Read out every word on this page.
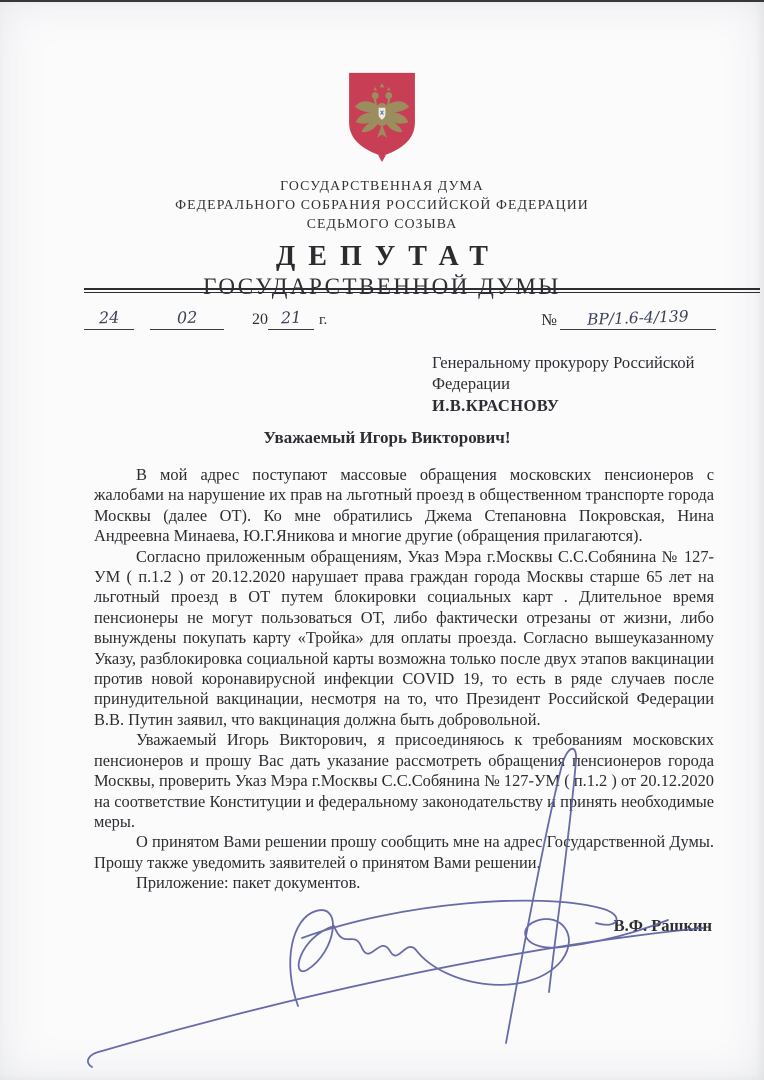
ГОСУДАРСТВЕННАЯ ДУМА
ФЕДЕРАЛЬНОГО СОБРАНИЯ РОССИЙСКОЙ ФЕДЕРАЦИИ
СЕДЬМОГО СОЗЫВА
ДЕПУТАТ
ГОСУДАРСТВЕННОЙ ДУМЫ
24	02	20 21	г.	№	ВР/1.6-4/139
Генеральному прокурору Российской
Федерации
И.В.КРАСНОВУ
Уважаемый Игорь Викторович!

В мой адрес поступают массовые обращения московских пенсионеров с жалобами на нарушение их прав на льготный проезд в общественном транспорте города Москвы (далее ОТ). Ко мне обратились Джема Степановна Покровская, Нина Андреевна Минаева, Ю.Г.Яникова и многие другие (обращения прилагаются).

Согласно приложенным обращениям, Указ Мэра г.Москвы С.С.Собянина № 127-УМ ( п.1.2 ) от 20.12.2020 нарушает права граждан города Москвы старше 65 лет на льготный проезд в ОТ путем блокировки социальных карт . Длительное время пенсионеры не могут пользоваться ОТ, либо фактически отрезаны от жизни, либо вынуждены покупать карту «Тройка» для оплаты проезда. Согласно вышеуказанному Указу, разблокировка социальной карты возможна только после двух этапов вакцинации против новой коронавирусной инфекции COVID 19, то есть в ряде случаев после принудительной вакцинации, несмотря на то, что Президент Российской Федерации В.В. Путин заявил, что вакцинация должна быть добровольной.

Уважаемый Игорь Викторович, я присоединяюсь к требованиям московских пенсионеров и прошу Вас дать указание рассмотреть обращения пенсионеров города Москвы, проверить Указ Мэра г.Москвы С.С.Собянина № 127-УМ ( п.1.2 ) от 20.12.2020 на соответствие Конституции и федеральному законодательству и принять необходимые меры.

О принятом Вами решении прошу сообщить мне на адрес Государственной Думы. Прошу также уведомить заявителей о принятом Вами решении.

Приложение: пакет документов.

В.Ф. Рашкин
